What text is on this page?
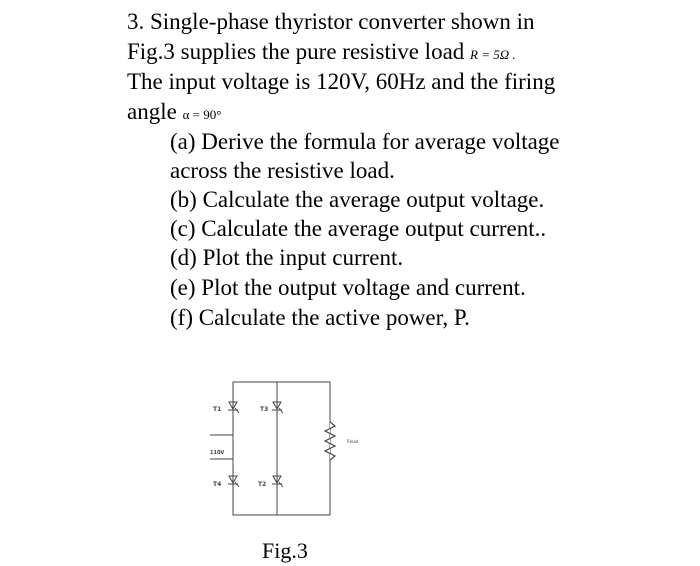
3. Single-phase thyristor converter shown in
Fig.3 supplies the pure resistive load R = 5Ω .
The input voltage is 120V, 60Hz and the firing
angle α = 90°
(a) Derive the formula for average voltage
across the resistive load.
(b) Calculate the average output voltage.
(c) Calculate the average output current..
(d) Plot the input current.
(e) Plot the output voltage and current.
(f) Calculate the active power, P.
T1	T3
T4	T2
110V
Rload
Fig.3
